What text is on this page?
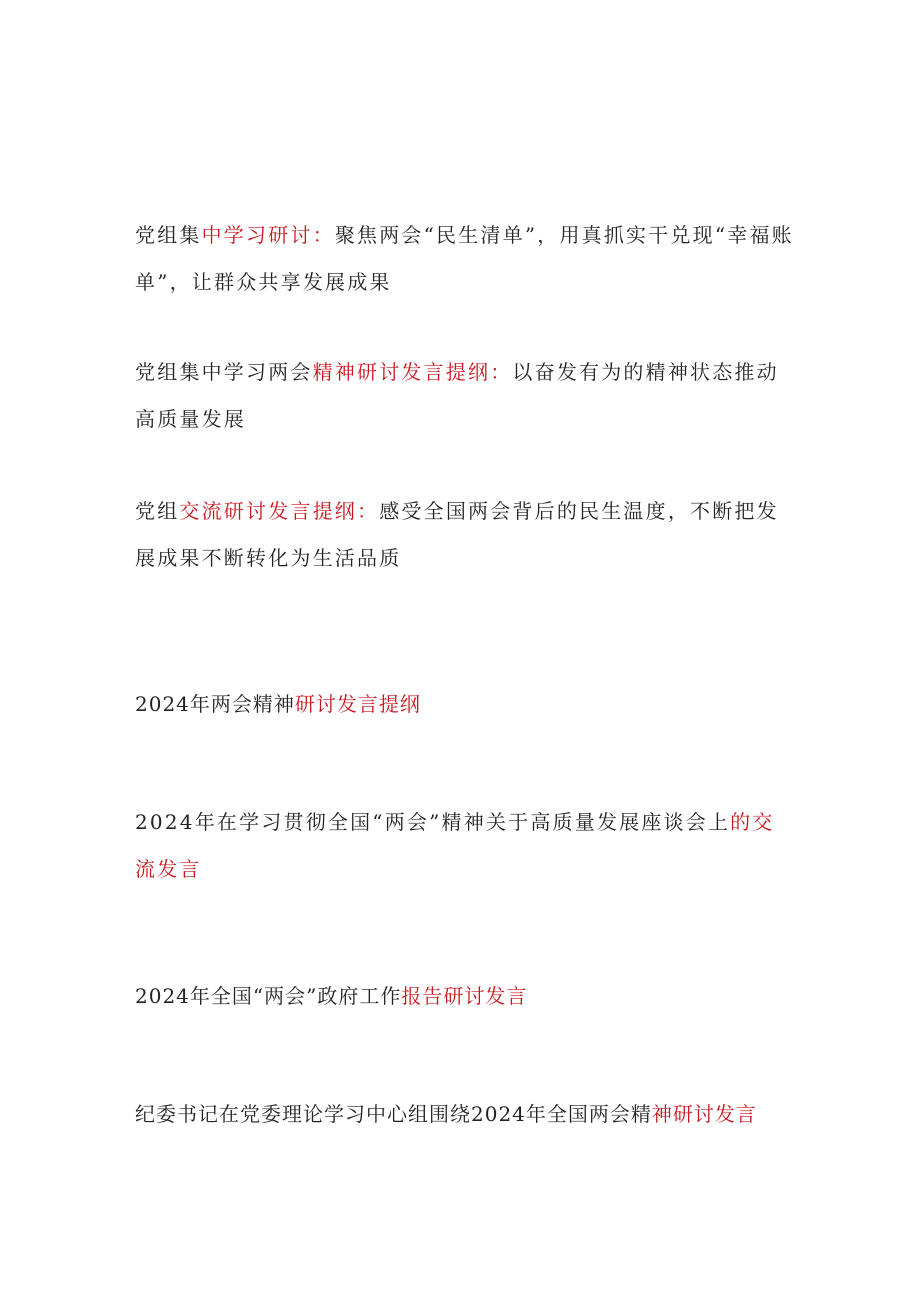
党组集中学习研讨：聚焦两会“民生清单”，用真抓实干兑现“幸福账单”，让群众共享发展成果

党组集中学习两会精神研讨发言提纲：以奋发有为的精神状态推动高质量发展

党组交流研讨发言提纲：感受全国两会背后的民生温度，不断把发展成果不断转化为生活品质

2024年两会精神研讨发言提纲

2024年在学习贯彻全国“两会”精神关于高质量发展座谈会上的交流发言

2024年全国“两会”政府工作报告研讨发言

纪委书记在党委理论学习中心组围绕2024年全国两会精神研讨发言
